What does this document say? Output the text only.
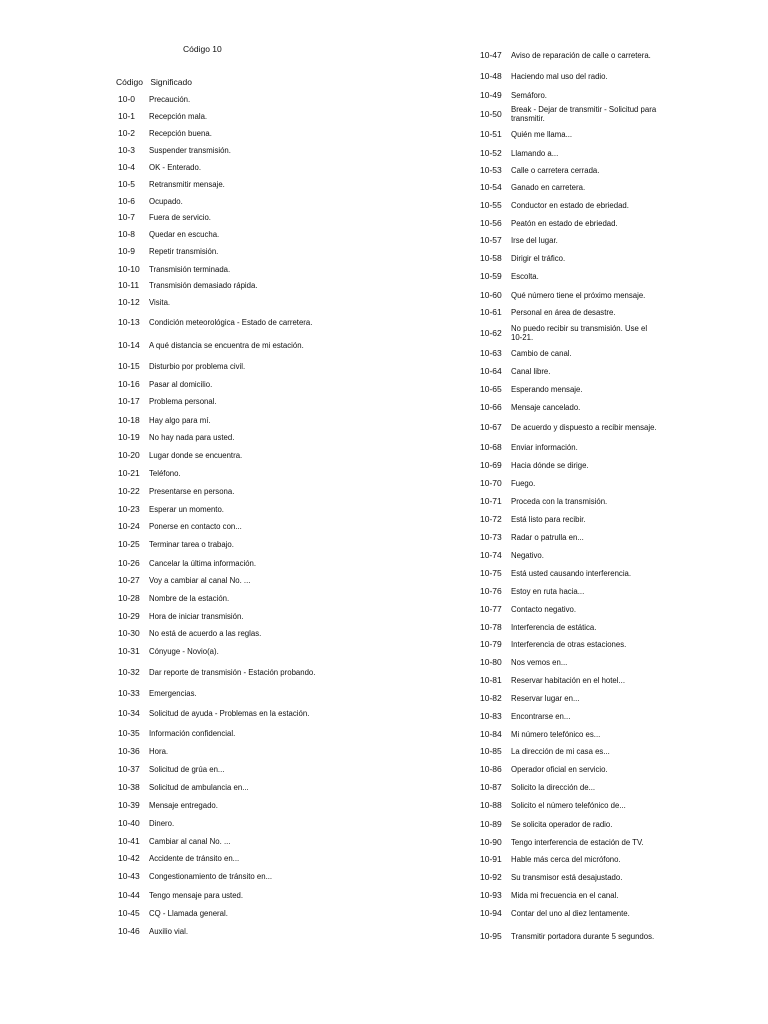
Código 10
Código Significado
10-0	Precaución.
10-1	Recepción mala.
10-2	Recepción buena.
10-3	Suspender transmisión.
10-4	OK - Enterado.
10-5	Retransmitir mensaje.
10-6	Ocupado.
10-7	Fuera de servicio.
10-8	Quedar en escucha.
10-9	Repetir transmisión.
10-10	Transmisión terminada.
10-11	Transmisión demasiado rápida.
10-12	Visita.
10-13	Condición meteorológica - Estado de carretera.
10-14	A qué distancia se encuentra de mi estación.
10-15	Disturbio por problema civil.
10-16	Pasar al domicilio.
10-17	Problema personal.
10-18	Hay algo para mí.
10-19	No hay nada para usted.
10-20	Lugar donde se encuentra.
10-21	Teléfono.
10-22	Presentarse en persona.
10-23	Esperar un momento.
10-24	Ponerse en contacto con...
10-25	Terminar tarea o trabajo.
10-26	Cancelar la última información.
10-27	Voy a cambiar al canal No. ...
10-28	Nombre de la estación.
10-29	Hora de iniciar transmisión.
10-30	No está de acuerdo a las reglas.
10-31	Cónyuge - Novio(a).
10-32	Dar reporte de transmisión - Estación probando.
10-33	Emergencias.
10-34	Solicitud de ayuda - Problemas en la estación.
10-35	Información confidencial.
10-36	Hora.
10-37	Solicitud de grúa en...
10-38	Solicitud de ambulancia en...
10-39	Mensaje entregado.
10-40	Dinero.
10-41	Cambiar al canal No. ...
10-42	Accidente de tránsito en...
10-43	Congestionamiento de tránsito en...
10-44	Tengo mensaje para usted.
10-45	CQ - Llamada general.
10-46	Auxilio vial.
10-47	Aviso de reparación de calle o carretera.
10-48	Haciendo mal uso del radio.
10-49	Semáforo.
10-50	Break - Dejar de transmitir - Solicitud para transmitir.
10-51	Quién me llama...
10-52	Llamando a...
10-53	Calle o carretera cerrada.
10-54	Ganado en carretera.
10-55	Conductor en estado de ebriedad.
10-56	Peatón en estado de ebriedad.
10-57	Irse del lugar.
10-58	Dirigir el tráfico.
10-59	Escolta.
10-60	Qué número tiene el próximo mensaje.
10-61	Personal en área de desastre.
10-62	No puedo recibir su transmisión. Use el 10-21.
10-63	Cambio de canal.
10-64	Canal libre.
10-65	Esperando mensaje.
10-66	Mensaje cancelado.
10-67	De acuerdo y dispuesto a recibir mensaje.
10-68	Enviar información.
10-69	Hacia dónde se dirige.
10-70	Fuego.
10-71	Proceda con la transmisión.
10-72	Está listo para recibir.
10-73	Radar o patrulla en...
10-74	Negativo.
10-75	Está usted causando interferencia.
10-76	Estoy en ruta hacia...
10-77	Contacto negativo.
10-78	Interferencia de estática.
10-79	Interferencia de otras estaciones.
10-80	Nos vemos en...
10-81	Reservar habitación en el hotel...
10-82	Reservar lugar en...
10-83	Encontrarse en...
10-84	Mi número telefónico es...
10-85	La dirección de mi casa es...
10-86	Operador oficial en servicio.
10-87	Solicito la dirección de...
10-88	Solicito el número telefónico de...
10-89	Se solicita operador de radio.
10-90	Tengo interferencia de estación de TV.
10-91	Hable más cerca del micrófono.
10-92	Su transmisor está desajustado.
10-93	Mida mi frecuencia en el canal.
10-94	Contar del uno al diez lentamente.
10-95	Transmitir portadora durante 5 segundos.
